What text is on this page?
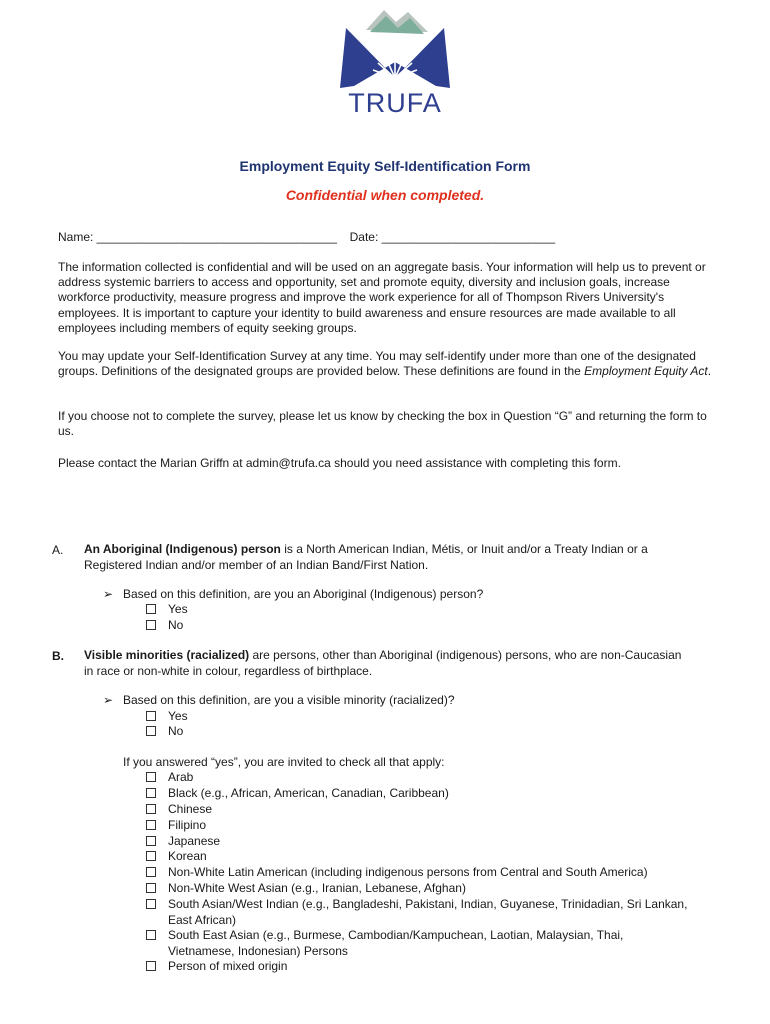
TRUFA
Employment Equity Self-Identification Form
Confidential when completed.
Name: ____________________________________ Date: __________________________
The information collected is confidential and will be used on an aggregate basis. Your information will help us to prevent or address systemic barriers to access and opportunity, set and promote equity, diversity and inclusion goals, increase workforce productivity, measure progress and improve the work experience for all of Thompson Rivers University's employees. It is important to capture your identity to build awareness and ensure resources are made available to all employees including members of equity seeking groups.
You may update your Self-Identification Survey at any time. You may self-identify under more than one of the designated groups. Definitions of the designated groups are provided below. These definitions are found in the Employment Equity Act.
If you choose not to complete the survey, please let us know by checking the box in Question “G” and returning the form to us.
Please contact the Marian Griffn at admin@trufa.ca should you need assistance with completing this form.
A. An Aboriginal (Indigenous) person is a North American Indian, Métis, or Inuit and/or a Treaty Indian or a Registered Indian and/or member of an Indian Band/First Nation.
➢ Based on this definition, are you an Aboriginal (Indigenous) person?
Yes
No
B. Visible minorities (racialized) are persons, other than Aboriginal (indigenous) persons, who are non-Caucasian in race or non-white in colour, regardless of birthplace.
➢ Based on this definition, are you a visible minority (racialized)?
Yes
No
If you answered “yes”, you are invited to check all that apply:
Arab
Black (e.g., African, American, Canadian, Caribbean)
Chinese
Filipino
Japanese
Korean
Non-White Latin American (including indigenous persons from Central and South America)
Non-White West Asian (e.g., Iranian, Lebanese, Afghan)
South Asian/West Indian (e.g., Bangladeshi, Pakistani, Indian, Guyanese, Trinidadian, Sri Lankan, East African)
South East Asian (e.g., Burmese, Cambodian/Kampuchean, Laotian, Malaysian, Thai, Vietnamese, Indonesian) Persons
Person of mixed origin
